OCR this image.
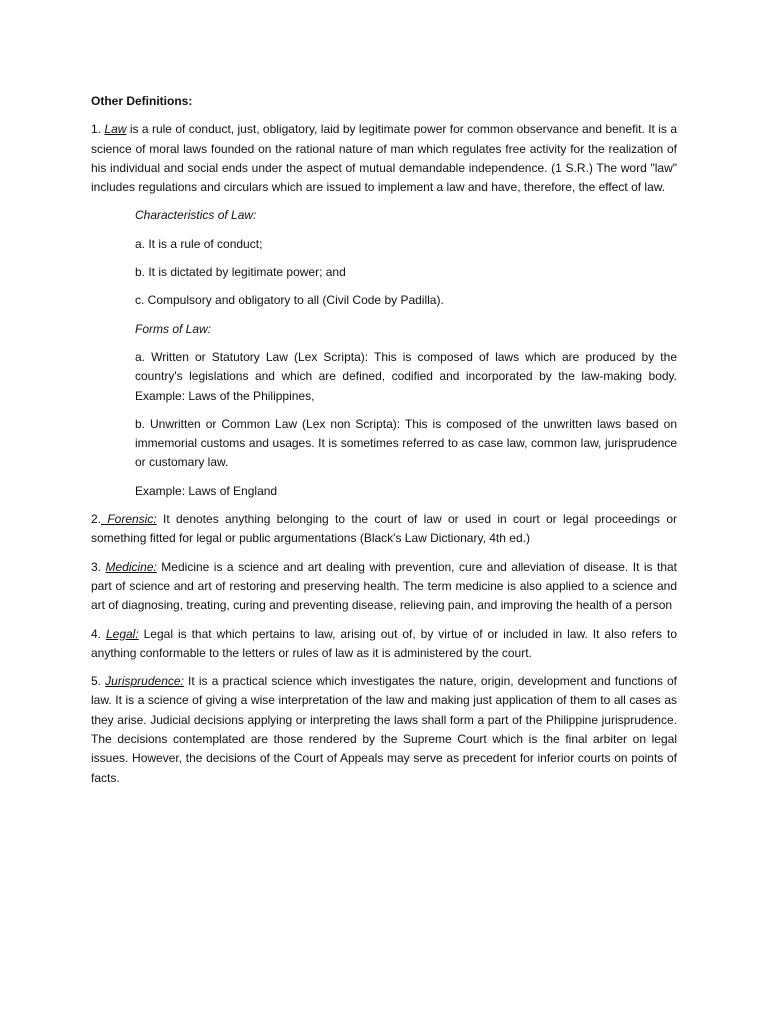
Other Definitions:
1. Law is a rule of conduct, just, obligatory, laid by legitimate power for common observance and benefit. It is a science of moral laws founded on the rational nature of man which regulates free activity for the realization of his individual and social ends under the aspect of mutual demandable independence. (1 S.R.) The word "law" includes regulations and circulars which are issued to implement a law and have, therefore, the effect of law.
Characteristics of Law:
a. It is a rule of conduct;
b. It is dictated by legitimate power; and
c. Compulsory and obligatory to all (Civil Code by Padilla).
Forms of Law:
a. Written or Statutory Law (Lex Scripta): This is composed of laws which are produced by the country's legislations and which are defined, codified and incorporated by the law-making body. Example: Laws of the Philippines,
b. Unwritten or Common Law (Lex non Scripta): This is composed of the unwritten laws based on immemorial customs and usages. It is sometimes referred to as case law, common law, jurisprudence or customary law.
Example: Laws of England
2. Forensic: It denotes anything belonging to the court of law or used in court or legal proceedings or something fitted for legal or public argumentations (Black's Law Dictionary, 4th ed.)
3. Medicine: Medicine is a science and art dealing with prevention, cure and alleviation of disease. It is that part of science and art of restoring and preserving health. The term medicine is also applied to a science and art of diagnosing, treating, curing and preventing disease, relieving pain, and improving the health of a person
4. Legal: Legal is that which pertains to law, arising out of, by virtue of or included in law. It also refers to anything conformable to the letters or rules of law as it is administered by the court.
5. Jurisprudence: It is a practical science which investigates the nature, origin, development and functions of law. It is a science of giving a wise interpretation of the law and making just application of them to all cases as they arise. Judicial decisions applying or interpreting the laws shall form a part of the Philippine jurisprudence. The decisions contemplated are those rendered by the Supreme Court which is the final arbiter on legal issues. However, the decisions of the Court of Appeals may serve as precedent for inferior courts on points of facts.
